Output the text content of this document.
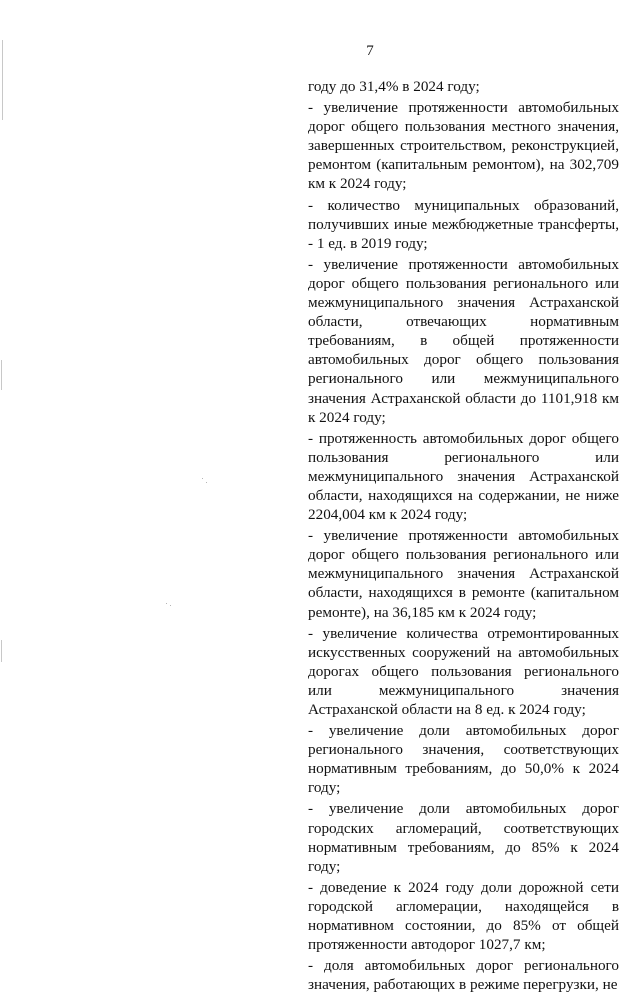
7

году до 31,4% в 2024 году;

- увеличение протяженности автомобильных дорог общего пользования местного значения, завершенных строительством, реконструкцией, ремонтом (капитальным ремонтом), на 302,709 км к 2024 году;

- количество муниципальных образований, получивших иные межбюджетные трансферты, - 1 ед. в 2019 году;

- увеличение протяженности автомобильных дорог общего пользования регионального или межмуниципального значения Астраханской области, отвечающих нормативным требованиям, в общей протяженности автомобильных дорог общего пользования регионального или межмуниципального значения Астраханской области до 1101,918 км к 2024 году;

- протяженность автомобильных дорог общего пользования регионального или межмуниципального значения Астраханской области, находящихся на содержании, не ниже 2204,004 км к 2024 году;

- увеличение протяженности автомобильных дорог общего пользования регионального или межмуниципального значения Астраханской области, находящихся в ремонте (капитальном ремонте), на 36,185 км к 2024 году;

- увеличение количества отремонтированных искусственных сооружений на автомобильных дорогах общего пользования регионального или межмуниципального значения Астраханской области на 8 ед. к 2024 году;

- увеличение доли автомобильных дорог регионального значения, соответствующих нормативным требованиям, до 50,0% к 2024 году;

- увеличение доли автомобильных дорог городских агломераций, соответствующих нормативным требованиям, до 85% к 2024 году;

- доведение к 2024 году доли дорожной сети городской агломерации, находящейся в нормативном состоянии, до 85% от общей протяженности автодорог 1027,7 км;

- доля автомобильных дорог регионального значения, работающих в режиме перегрузки, не
